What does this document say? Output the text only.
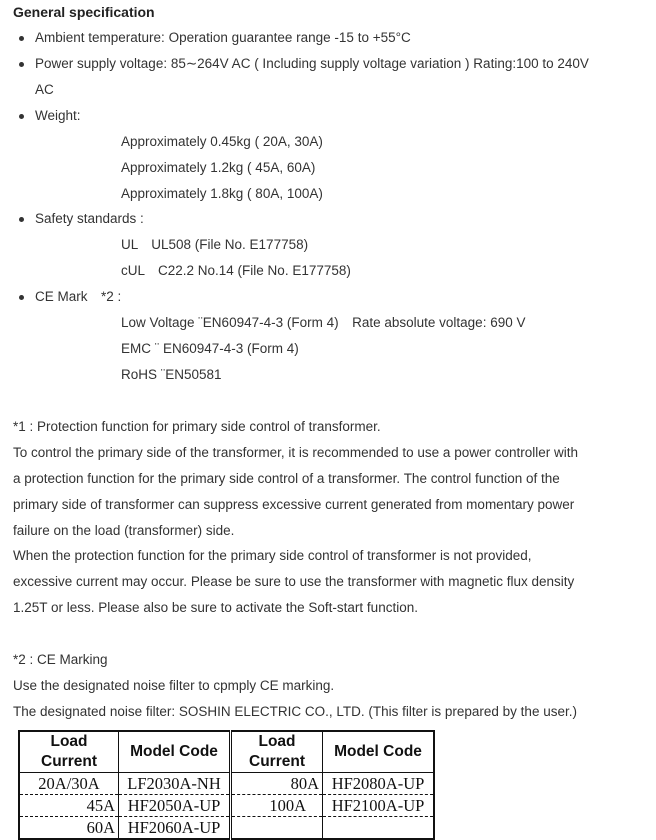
General specification
Ambient temperature: Operation guarantee range -15 to +55°C
Power supply voltage: 85∼264V AC ( Including supply voltage variation ) Rating:100 to 240V
AC
Weight:
Approximately 0.45kg ( 20A, 30A)
Approximately 1.2kg ( 45A, 60A)
Approximately 1.8kg ( 80A, 100A)
Safety standards :
UL　UL508 (File No. E177758)
cUL　C22.2 No.14 (File No. E177758)
CE Mark　*2 :
Low Voltage ¨EN60947-4-3 (Form 4)　Rate absolute voltage: 690 V
EMC ¨ EN60947-4-3 (Form 4)
RoHS ¨EN50581
*1 : Protection function for primary side control of transformer.
To control the primary side of the transformer, it is recommended to use a power controller with
a protection function for the primary side control of a transformer. The control function of the
primary side of transformer can suppress excessive current generated from momentary power
failure on the load (transformer) side.
When the protection function for the primary side control of transformer is not provided,
excessive current may occur. Please be sure to use the transformer with magnetic flux density
1.25T or less. Please also be sure to activate the Soft-start function.
*2 : CE Marking
Use the designated noise filter to cpmply CE marking.
The designated noise filter: SOSHIN ELECTRIC CO., LTD. (This filter is prepared by the user.)
Load Current	Model Code	Load Current	Model Code
20A/30A	LF2030A-NH	80A	HF2080A-UP
45A	HF2050A-UP	100A	HF2100A-UP
60A	HF2060A-UP		
